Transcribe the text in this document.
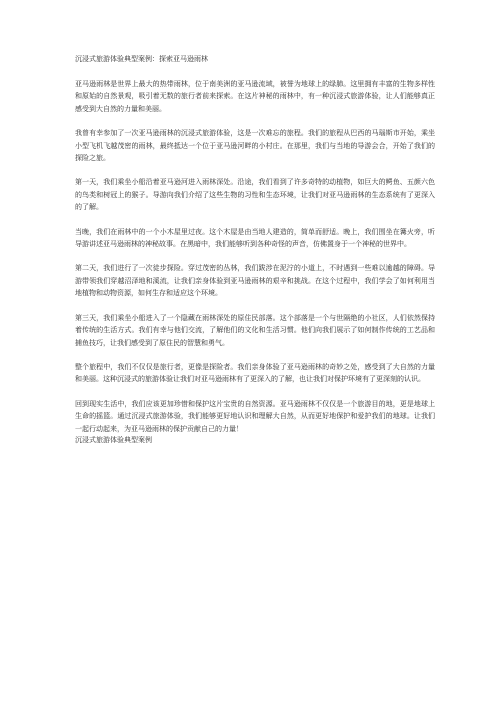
沉浸式旅游体验典型案例：探索亚马逊雨林

亚马逊雨林是世界上最大的热带雨林，位于南美洲的亚马逊流域，被誉为地球上的绿肺。这里拥有丰富的生物多样性和原始的自然景观，吸引着无数的旅行者前来探索。在这片神秘的雨林中，有一种沉浸式旅游体验，让人们能够真正感受到大自然的力量和美丽。

我曾有幸参加了一次亚马逊雨林的沉浸式旅游体验，这是一次难忘的旅程。我们的旅程从巴西的马瑙斯市开始，乘坐小型飞机飞越茂密的雨林，最终抵达一个位于亚马逊河畔的小村庄。在那里，我们与当地的导游会合，开始了我们的探险之旅。

第一天，我们乘坐小船沿着亚马逊河进入雨林深处。沿途，我们看到了许多奇特的动植物，如巨大的鳄鱼、五颜六色的鸟类和树冠上的猴子。导游向我们介绍了这些生物的习性和生态环境，让我们对亚马逊雨林的生态系统有了更深入的了解。

当晚，我们在雨林中的一个小木屋里过夜。这个木屋是由当地人建造的，简单而舒适。晚上，我们围坐在篝火旁，听导游讲述亚马逊雨林的神秘故事。在黑暗中，我们能够听到各种奇怪的声音，仿佛置身于一个神秘的世界中。

第二天，我们进行了一次徒步探险。穿过茂密的丛林，我们跋涉在泥泞的小道上，不时遇到一些难以逾越的障碍。导游带领我们穿越沼泽地和溪流，让我们亲身体验到亚马逊雨林的艰辛和挑战。在这个过程中，我们学会了如何利用当地植物和动物资源，如何生存和适应这个环境。

第三天，我们乘坐小船进入了一个隐藏在雨林深处的原住民部落。这个部落是一个与世隔绝的小社区，人们依然保持着传统的生活方式。我们有幸与他们交流，了解他们的文化和生活习惯。他们向我们展示了如何制作传统的工艺品和捕鱼技巧，让我们感受到了原住民的智慧和勇气。

整个旅程中，我们不仅仅是旅行者，更像是探险者。我们亲身体验了亚马逊雨林的奇妙之处，感受到了大自然的力量和美丽。这种沉浸式的旅游体验让我们对亚马逊雨林有了更深入的了解，也让我们对保护环境有了更深刻的认识。

回到现实生活中，我们应该更加珍惜和保护这片宝贵的自然资源。亚马逊雨林不仅仅是一个旅游目的地，更是地球上生命的摇篮。通过沉浸式旅游体验，我们能够更好地认识和理解大自然，从而更好地保护和爱护我们的地球。让我们一起行动起来，为亚马逊雨林的保护贡献自己的力量！

沉浸式旅游体验典型案例
